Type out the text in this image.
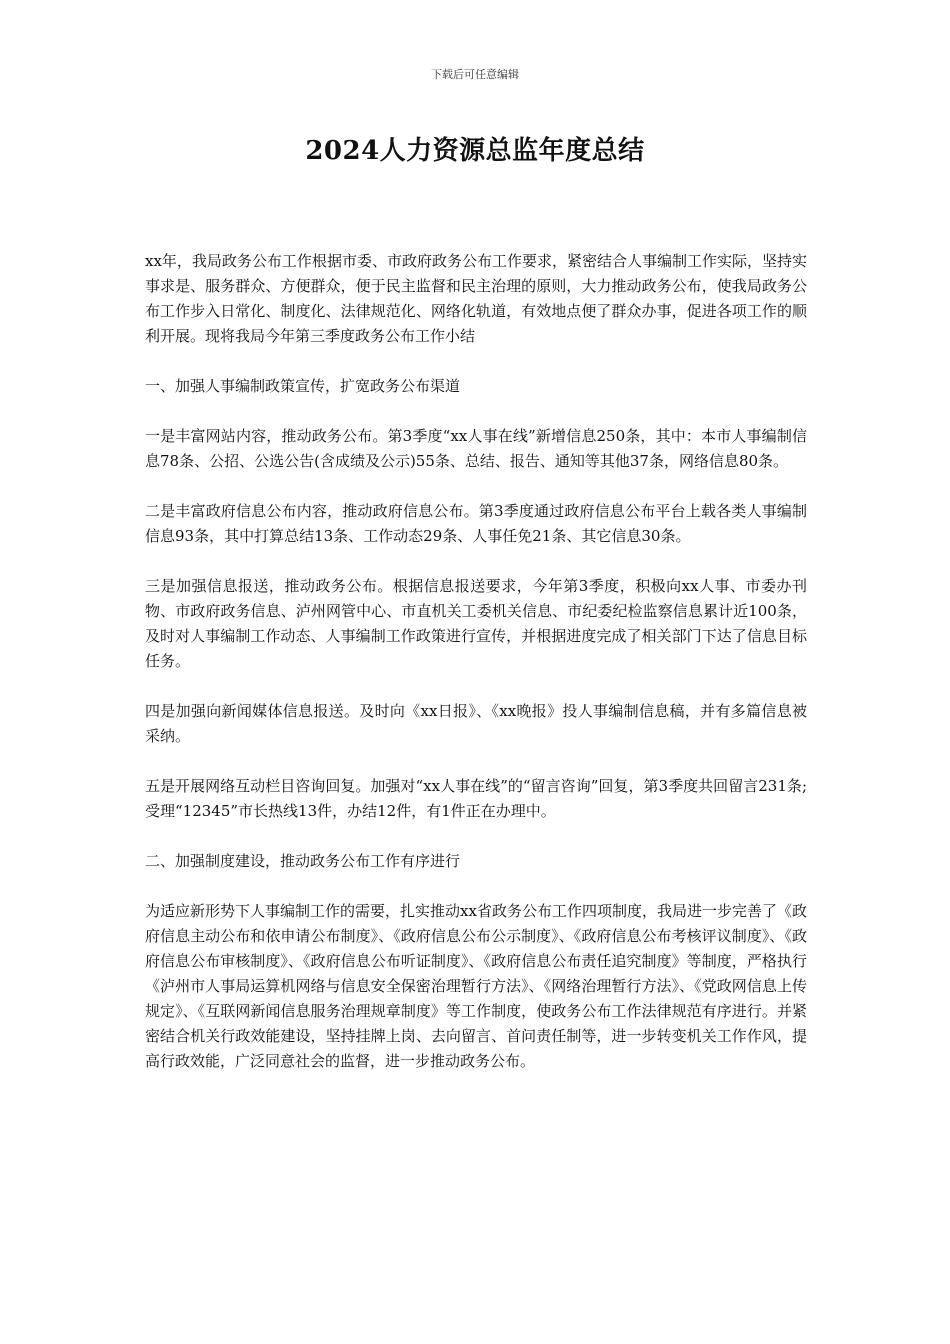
下载后可任意编辑
2024人力资源总监年度总结

xx年，我局政务公布工作根据市委、市政府政务公布工作要求，紧密结合人事编制工作实际，坚持实事求是、服务群众、方便群众，便于民主监督和民主治理的原则，大力推动政务公布，使我局政务公布工作步入日常化、制度化、法律规范化、网络化轨道，有效地点便了群众办事，促进各项工作的顺利开展。现将我局今年第三季度政务公布工作小结

一、加强人事编制政策宣传，扩宽政务公布渠道

一是丰富网站内容，推动政务公布。第3季度“xx人事在线”新增信息250条，其中：本市人事编制信息78条、公招、公选公告(含成绩及公示)55条、总结、报告、通知等其他37条，网络信息80条。

二是丰富政府信息公布内容，推动政府信息公布。第3季度通过政府信息公布平台上载各类人事编制信息93条，其中打算总结13条、工作动态29条、人事任免21条、其它信息30条。

三是加强信息报送，推动政务公布。根据信息报送要求，今年第3季度，积极向xx人事、市委办刊物、市政府政务信息、泸州网管中心、市直机关工委机关信息、市纪委纪检监察信息累计近100条，及时对人事编制工作动态、人事编制工作政策进行宣传，并根据进度完成了相关部门下达了信息目标任务。

四是加强向新闻媒体信息报送。及时向《xx日报》、《xx晚报》投人事编制信息稿，并有多篇信息被采纳。

五是开展网络互动栏目咨询回复。加强对“xx人事在线”的“留言咨询”回复，第3季度共回留言231条;受理“12345”市长热线13件，办结12件，有1件正在办理中。

二、加强制度建设，推动政务公布工作有序进行

为适应新形势下人事编制工作的需要，扎实推动xx省政务公布工作四项制度，我局进一步完善了《政府信息主动公布和依申请公布制度》、《政府信息公布公示制度》、《政府信息公布考核评议制度》、《政府信息公布审核制度》、《政府信息公布听证制度》、《政府信息公布责任追究制度》等制度，严格执行《泸州市人事局运算机网络与信息安全保密治理暂行方法》、《网络治理暂行方法》、《党政网信息上传规定》、《互联网新闻信息服务治理规章制度》等工作制度，使政务公布工作法律规范有序进行。并紧密结合机关行政效能建设，坚持挂牌上岗、去向留言、首问责任制等，进一步转变机关工作作风，提高行政效能，广泛同意社会的监督，进一步推动政务公布。
